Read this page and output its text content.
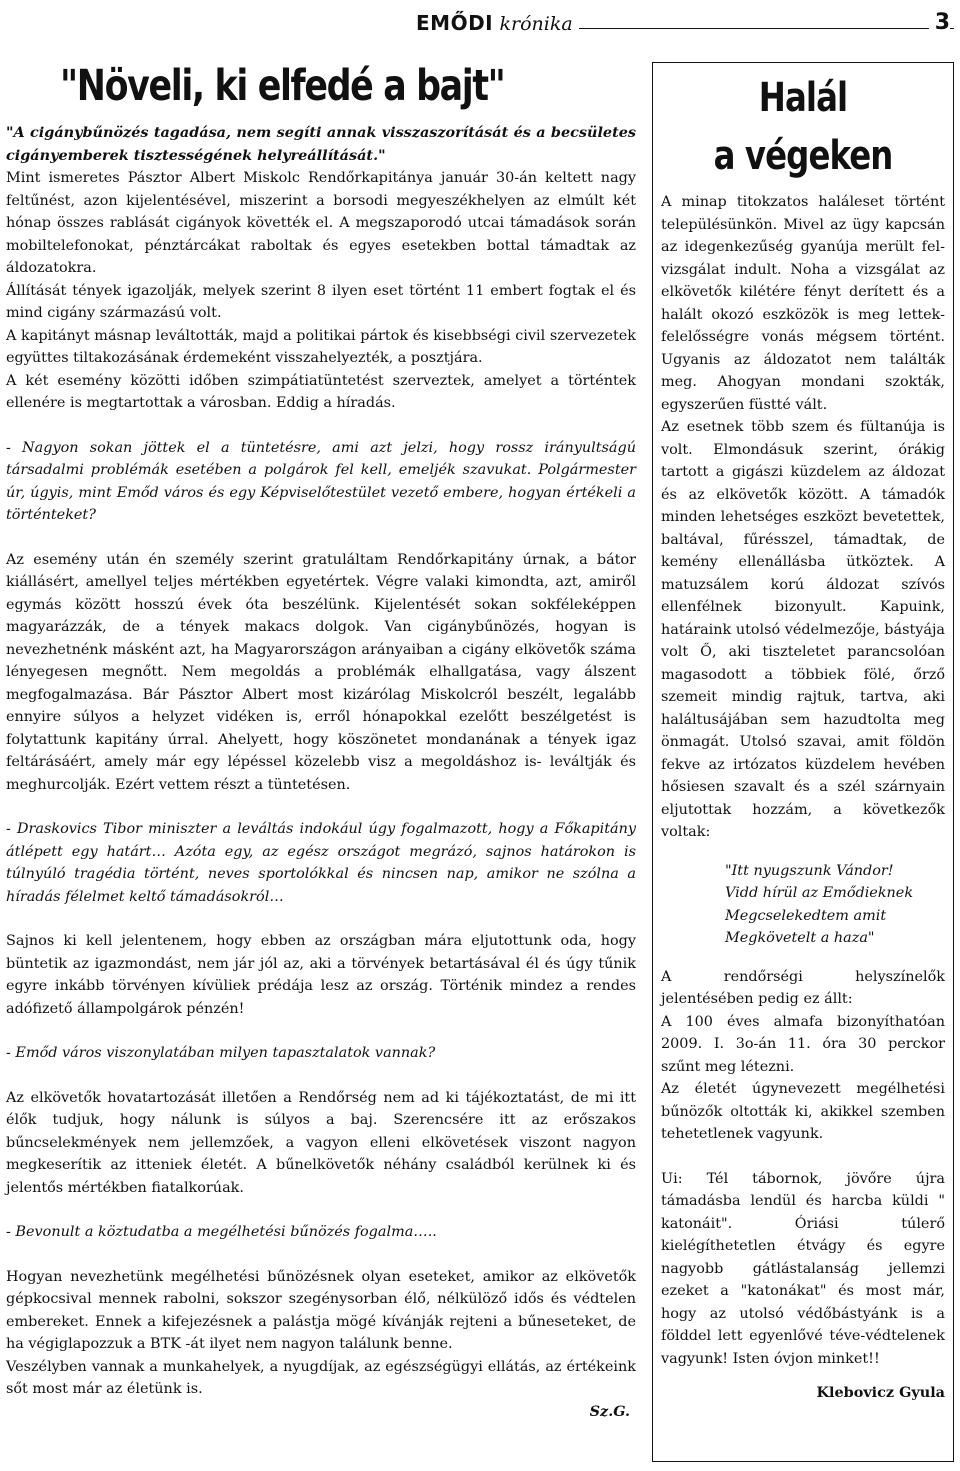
EMŐDI krónika	3
"Növeli, ki elfedé a bajt"

"A cigánybűnözés tagadása, nem segíti annak visszaszorítását és a becsületes cigányemberek tisztességének helyreállítását."

Mint ismeretes Pásztor Albert Miskolc Rendőrkapitánya január 30-án keltett nagy feltűnést, azon kijelentésével, miszerint a borsodi megyeszékhelyen az elmúlt két hónap összes rablását cigányok követték el. A megszaporodó utcai támadások során mobiltelefonokat, pénztárcákat raboltak és egyes esetekben bottal támadtak az áldozatokra.

Állítását tények igazolják, melyek szerint 8 ilyen eset történt 11 embert fogtak el és mind cigány származású volt.

A kapitányt másnap leváltották, majd a politikai pártok és kisebbségi civil szervezetek együttes tiltakozásának érdemeként visszahelyezték, a posztjára.

A két esemény közötti időben szimpátiatüntetést szerveztek, amelyet a történtek ellenére is megtartottak a városban. Eddig a híradás.

- Nagyon sokan jöttek el a tüntetésre, ami azt jelzi, hogy rossz irányultságú társadalmi problémák esetében a polgárok fel kell, emeljék szavukat. Polgármester úr, úgyis, mint Emőd város és egy Képviselőtestület vezető embere, hogyan értékeli a történteket?

Az esemény után én személy szerint gratuláltam Rendőrkapitány úrnak, a bátor kiállásért, amellyel teljes mértékben egyetértek. Végre valaki kimondta, azt, amiről egymás között hosszú évek óta beszélünk. Kijelentését sokan sokféleképpen magyarázzák, de a tények makacs dolgok. Van cigánybűnözés, hogyan is nevezhetnénk másként azt, ha Magyarországon arányaiban a cigány elkövetők száma lényegesen megnőtt. Nem megoldás a problémák elhallgatása, vagy álszent megfogalmazása. Bár Pásztor Albert most kizárólag Miskolcról beszélt, legalább ennyire súlyos a helyzet vidéken is, erről hónapokkal ezelőtt beszélgetést is folytattunk kapitány úrral. Ahelyett, hogy köszönetet mondanának a tények igaz feltárásáért, amely már egy lépéssel közelebb visz a megoldáshoz is- leváltják és meghurcolják. Ezért vettem részt a tüntetésen.

- Draskovics Tibor miniszter a leváltás indokául úgy fogalmazott, hogy a Főkapitány átlépett egy határt… Azóta egy, az egész országot megrázó, sajnos határokon is túlnyúló tragédia történt, neves sportolókkal és nincsen nap, amikor ne szólna a híradás félelmet keltő támadásokról…

Sajnos ki kell jelentenem, hogy ebben az országban mára eljutottunk oda, hogy büntetik az igazmondást, nem jár jól az, aki a törvények betartásával él és úgy tűnik egyre inkább törvényen kívüliek prédája lesz az ország. Történik mindez a rendes adófizető állampolgárok pénzén!

- Emőd város viszonylatában milyen tapasztalatok vannak?

Az elkövetők hovatartozását illetően a Rendőrség nem ad ki tájékoztatást, de mi itt élők tudjuk, hogy nálunk is súlyos a baj. Szerencsére itt az erőszakos bűncselekmények nem jellemzőek, a vagyon elleni elkövetések viszont nagyon megkeserítik az itteniek életét. A bűnelkövetők néhány családból kerülnek ki és jelentős mértékben fiatalkorúak.

- Bevonult a köztudatba a megélhetési bűnözés fogalma…..

Hogyan nevezhetünk megélhetési bűnözésnek olyan eseteket, amikor az elkövetők gépkocsival mennek rabolni, sokszor szegénysorban élő, nélkülöző idős és védtelen embereket. Ennek a kifejezésnek a palástja mögé kívánják rejteni a bűneseteket, de ha végiglapozzuk a BTK -át ilyet nem nagyon találunk benne.

Veszélyben vannak a munkahelyek, a nyugdíjak, az egészségügyi ellátás, az értékeink sőt most már az életünk is.

Sz.G.

Halál
a végeken

A minap titokzatos haláleset történt településünkön. Mivel az ügy kapcsán az idegenkezűség gyanúja merült fel-vizsgálat indult. Noha a vizsgálat az elkövetők kilétére fényt derített és a halált okozó eszközök is meg lettek-felelősségre vonás mégsem történt. Ugyanis az áldozatot nem találták meg. Ahogyan mondani szokták, egyszerűen füstté vált.

Az esetnek több szem és fültanúja is volt. Elmondásuk szerint, órákig tartott a gigászi küzdelem az áldozat és az elkövetők között. A támadók minden lehetséges eszközt bevetettek, baltával, fűrésszel, támadtak, de kemény ellenállásba ütköztek. A matuzsálem korú áldozat szívós ellenfélnek bizonyult. Kapuink, határaink utolsó védelmezője, bástyája volt Ő, aki tiszteletet parancsolóan magasodott a többiek fölé, őrző szemeit mindig rajtuk, tartva, aki haláltusájában sem hazudtolta meg önmagát. Utolsó szavai, amit földön fekve az irtózatos küzdelem hevében hősiesen szavalt és a szél szárnyain eljutottak hozzám, a következők voltak:

"Itt nyugszunk Vándor!
Vidd hírül az Emődieknek
Megcselekedtem amit
Megkövetelt a haza"

A rendőrségi helyszínelők jelentésében pedig ez állt:

A 100 éves almafa bizonyíthatóan 2009. I. 3o-án 11. óra 30 perckor szűnt meg létezni.

Az életét úgynevezett megélhetési bűnözők oltották ki, akikkel szemben tehetetlenek vagyunk.

Ui: Tél tábornok, jövőre újra támadásba lendül és harcba küldi " katonáit". Óriási túlerő kielégíthetetlen étvágy és egyre nagyobb gátlástalanság jellemzi ezeket a "katonákat" és most már, hogy az utolsó védőbástyánk is a földdel lett egyenlővé téve-védtelenek vagyunk! Isten óvjon minket!!

Klebovicz Gyula
